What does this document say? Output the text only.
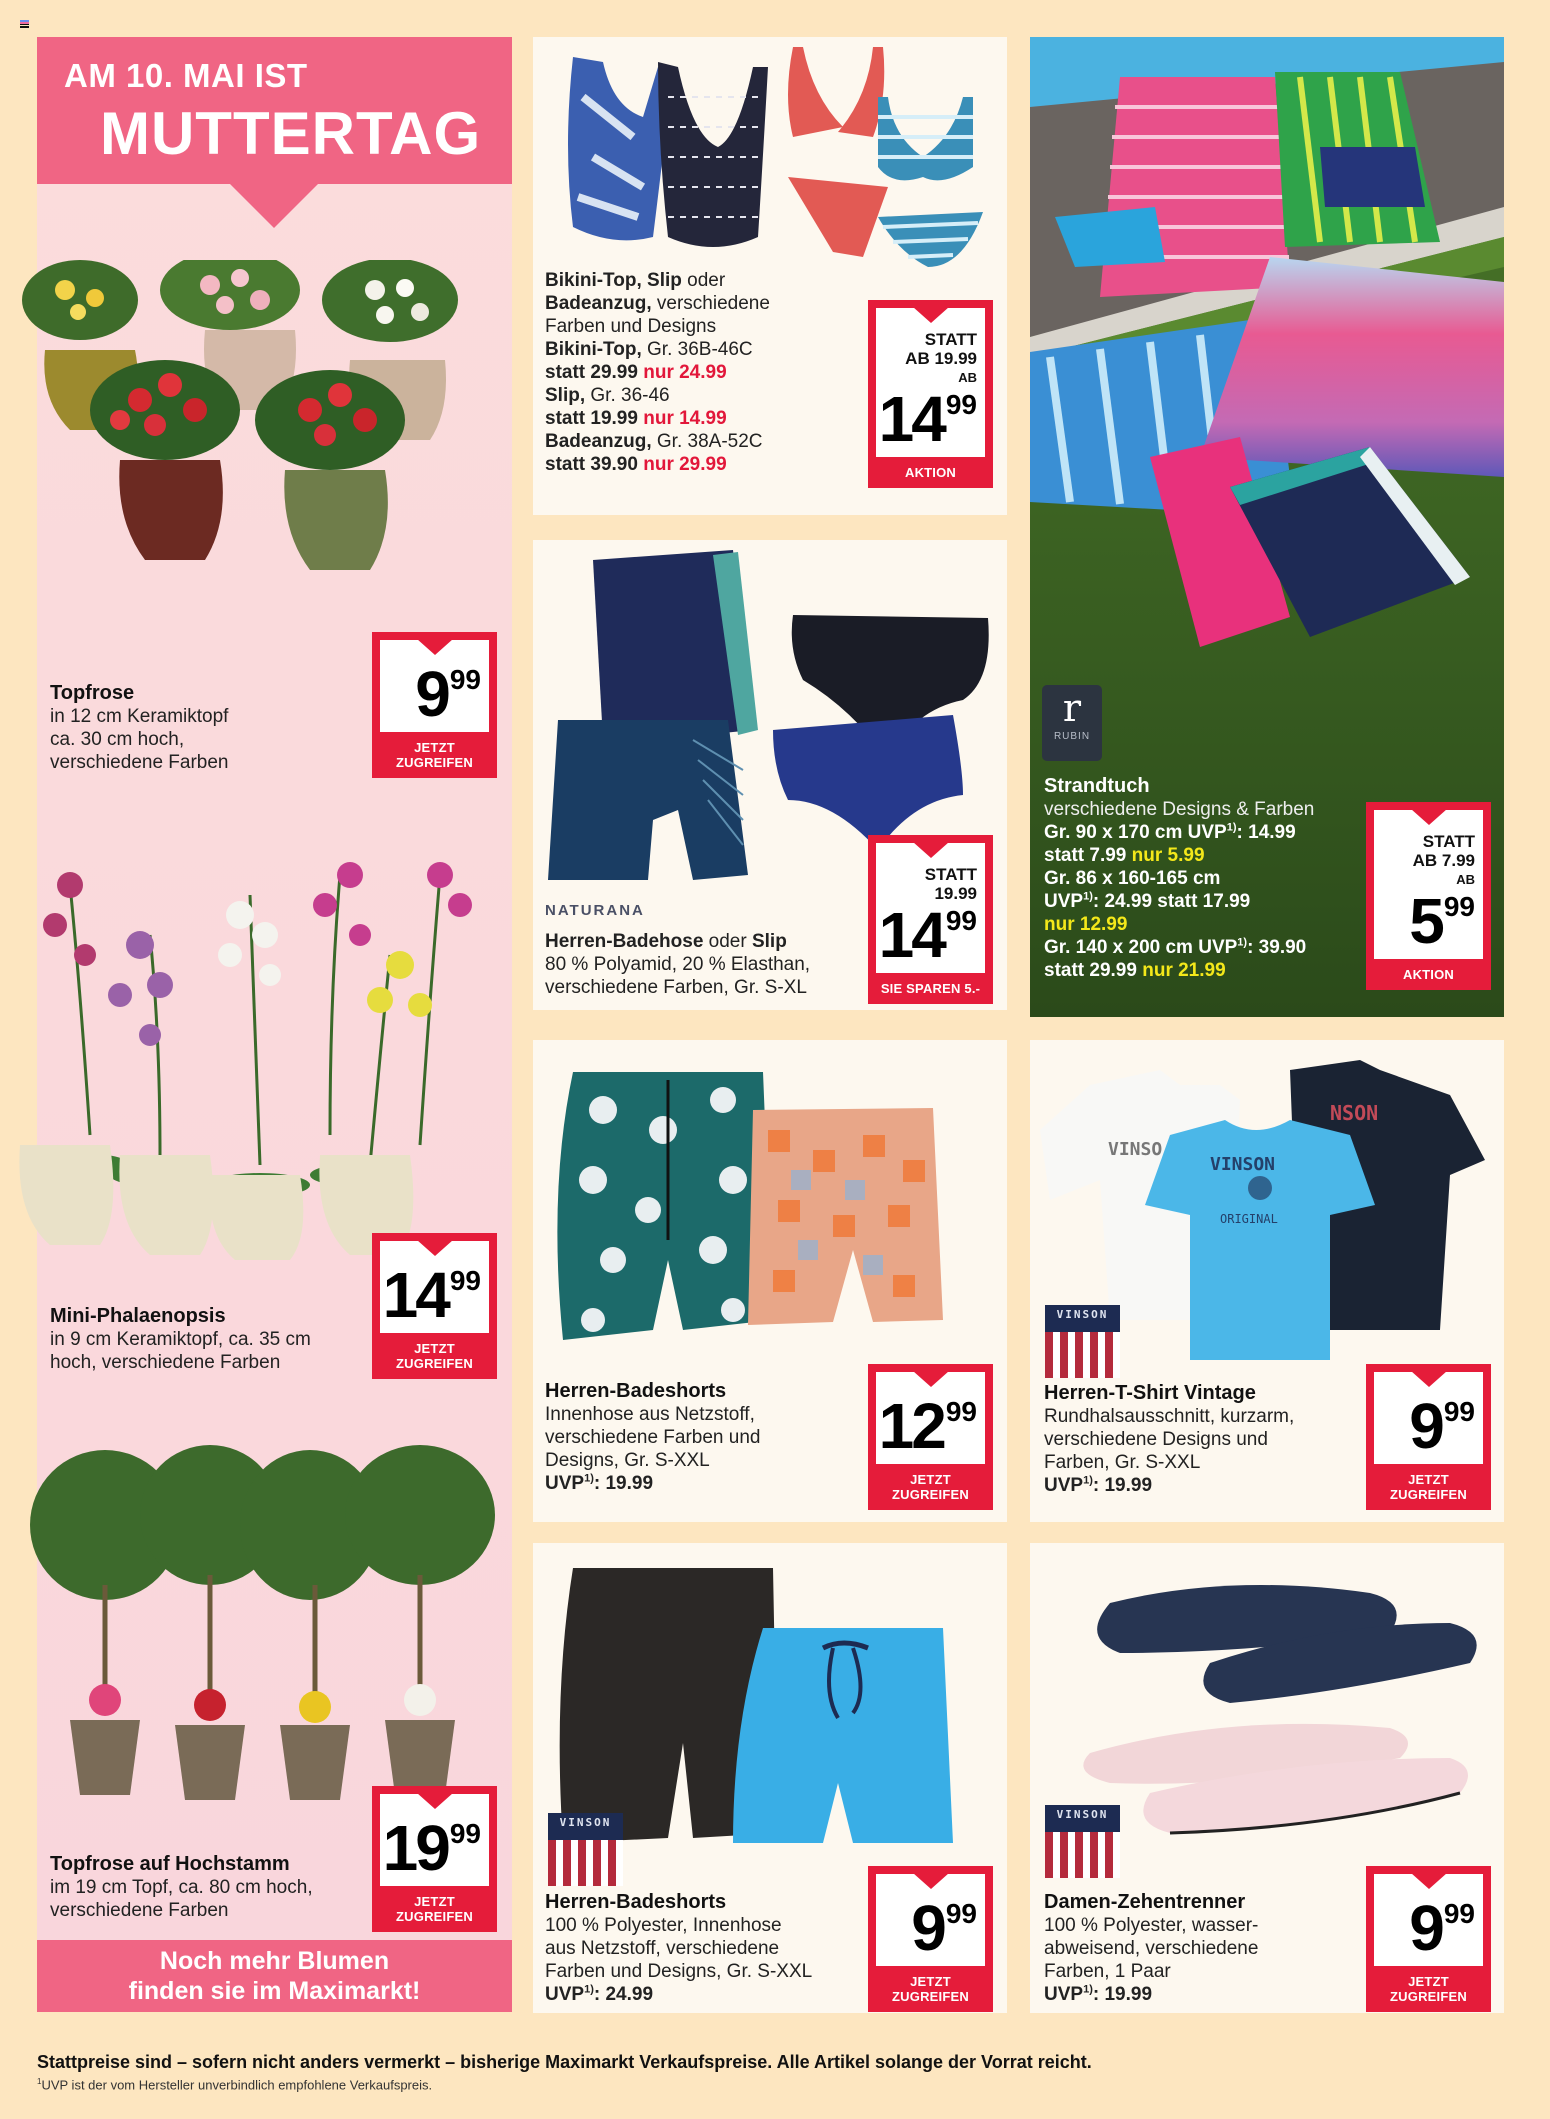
AM 10. MAI IST
MUTTERTAG
Topfrose
in 12 cm Keramiktopf
ca. 30 cm hoch,
verschiedene Farben
9 99
JETZT ZUGREIFEN
Mini-Phalaenopsis
in 9 cm Keramiktopf, ca. 35 cm
hoch, verschiedene Farben
14 99
JETZT ZUGREIFEN
Topfrose auf Hochstamm
im 19 cm Topf, ca. 80 cm hoch,
verschiedene Farben
19 99
JETZT ZUGREIFEN
Noch mehr Blumen
finden sie im Maximarkt!
Bikini-Top, Slip oder
Badeanzug, verschiedene
Farben und Designs
Bikini-Top, Gr. 36B-46C
statt 29.99 nur 24.99
Slip, Gr. 36-46
statt 19.99 nur 14.99
Badeanzug, Gr. 38A-52C
statt 39.90 nur 29.99
STATT
AB 19.99
AB
14 99
AKTION
NATURANA
Herren-Badehose oder Slip
80 % Polyamid, 20 % Elasthan,
verschiedene Farben, Gr. S-XL
STATT 19.99
14 99
SIE SPAREN 5.-
Herren-Badeshorts
Innenhose aus Netzstoff,
verschiedene Farben und
Designs, Gr. S-XXL
UVP$^{1)}$: 19.99
12 99
JETZT ZUGREIFEN
VINSON
Herren-Badeshorts
100 % Polyester, Innenhose
aus Netzstoff, verschiedene
Farben und Designs, Gr. S-XXL
UVP$^{1)}$: 24.99
9 99
JETZT ZUGREIFEN
r
RUBIN
Strandtuch
verschiedene Designs & Farben
Gr. 90 x 170 cm UVP$^{1)}$: 14.99
statt 7.99 nur 5.99
Gr. 86 x 160-165 cm
UVP$^{1)}$: 24.99 statt 17.99
nur 12.99
Gr. 140 x 200 cm UVP$^{1)}$: 39.90
statt 29.99 nur 21.99
STATT
AB 7.99
AB
5 99
AKTION
NSON
VINSON
ORIGINAL
VINSO
VINSON
Herren-T-Shirt Vintage
Rundhalsausschnitt, kurzarm,
verschiedene Designs und
Farben, Gr. S-XXL
UVP$^{1)}$: 19.99
9 99
JETZT ZUGREIFEN
VINSON
Damen-Zehentrenner
100 % Polyester, wasser-
abweisend, verschiedene
Farben, 1 Paar
UVP$^{1)}$: 19.99
9 99
JETZT ZUGREIFEN
Stattpreise sind – sofern nicht anders vermerkt – bisherige Maximarkt Verkaufspreise. Alle Artikel solange der Vorrat reicht.
$^1$UVP ist der vom Hersteller unverbindlich empfohlene Verkaufspreis.
